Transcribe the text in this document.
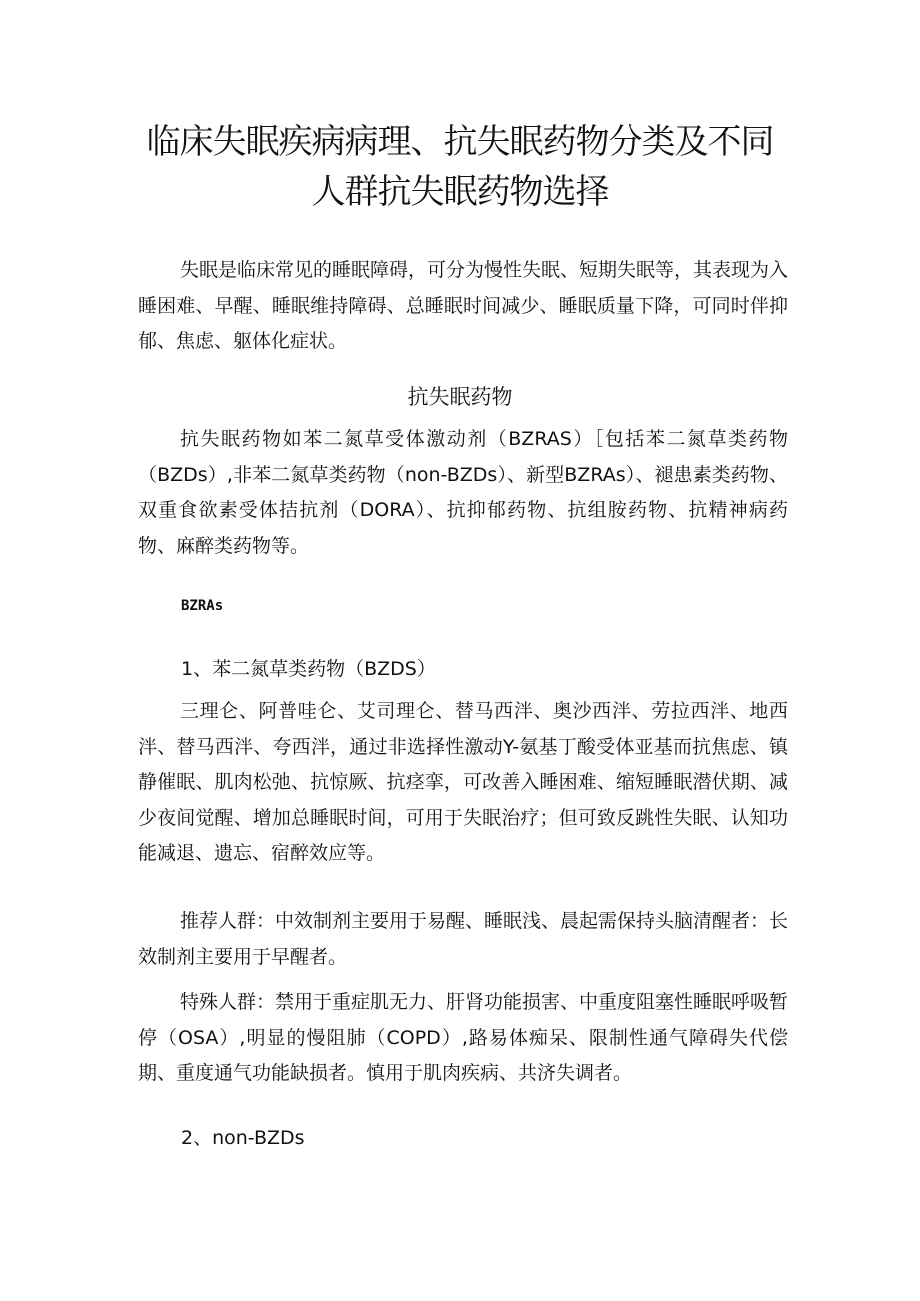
临床失眠疾病病理、抗失眠药物分类及不同
人群抗失眠药物选择
失眠是临床常见的睡眠障碍，可分为慢性失眠、短期失眠等，其表现为入睡困难、早醒、睡眠维持障碍、总睡眠时间减少、睡眠质量下降，可同时伴抑郁、焦虑、躯体化症状。
抗失眠药物
抗失眠药物如苯二氮草受体激动剂（BZRAS）［包括苯二氮草类药物（BZDs）,非苯二氮草类药物（non-BZDs）、新型BZRAs）、褪患素类药物、双重食欲素受体拮抗剂（DORA）、抗抑郁药物、抗组胺药物、抗精神病药物、麻醉类药物等。
BZRAs
1、苯二氮草类药物（BZDS）
三理仑、阿普哇仑、艾司理仑、替马西泮、奥沙西泮、劳拉西泮、地西泮、替马西泮、夸西泮，通过非选择性激动Y-氨基丁酸受体亚基而抗焦虑、镇静催眠、肌肉松弛、抗惊厥、抗痉挛，可改善入睡困难、缩短睡眠潜伏期、减少夜间觉醒、增加总睡眠时间，可用于失眠治疗；但可致反跳性失眠、认知功能减退、遗忘、宿醉效应等。
推荐人群：中效制剂主要用于易醒、睡眠浅、晨起需保持头脑清醒者：长效制剂主要用于早醒者。
特殊人群：禁用于重症肌无力、肝肾功能损害、中重度阻塞性睡眠呼吸暂停（OSA）,明显的慢阻肺（COPD）,路易体痴呆、限制性通气障碍失代偿期、重度通气功能缺损者。慎用于肌肉疾病、共济失调者。
2、non-BZDs
